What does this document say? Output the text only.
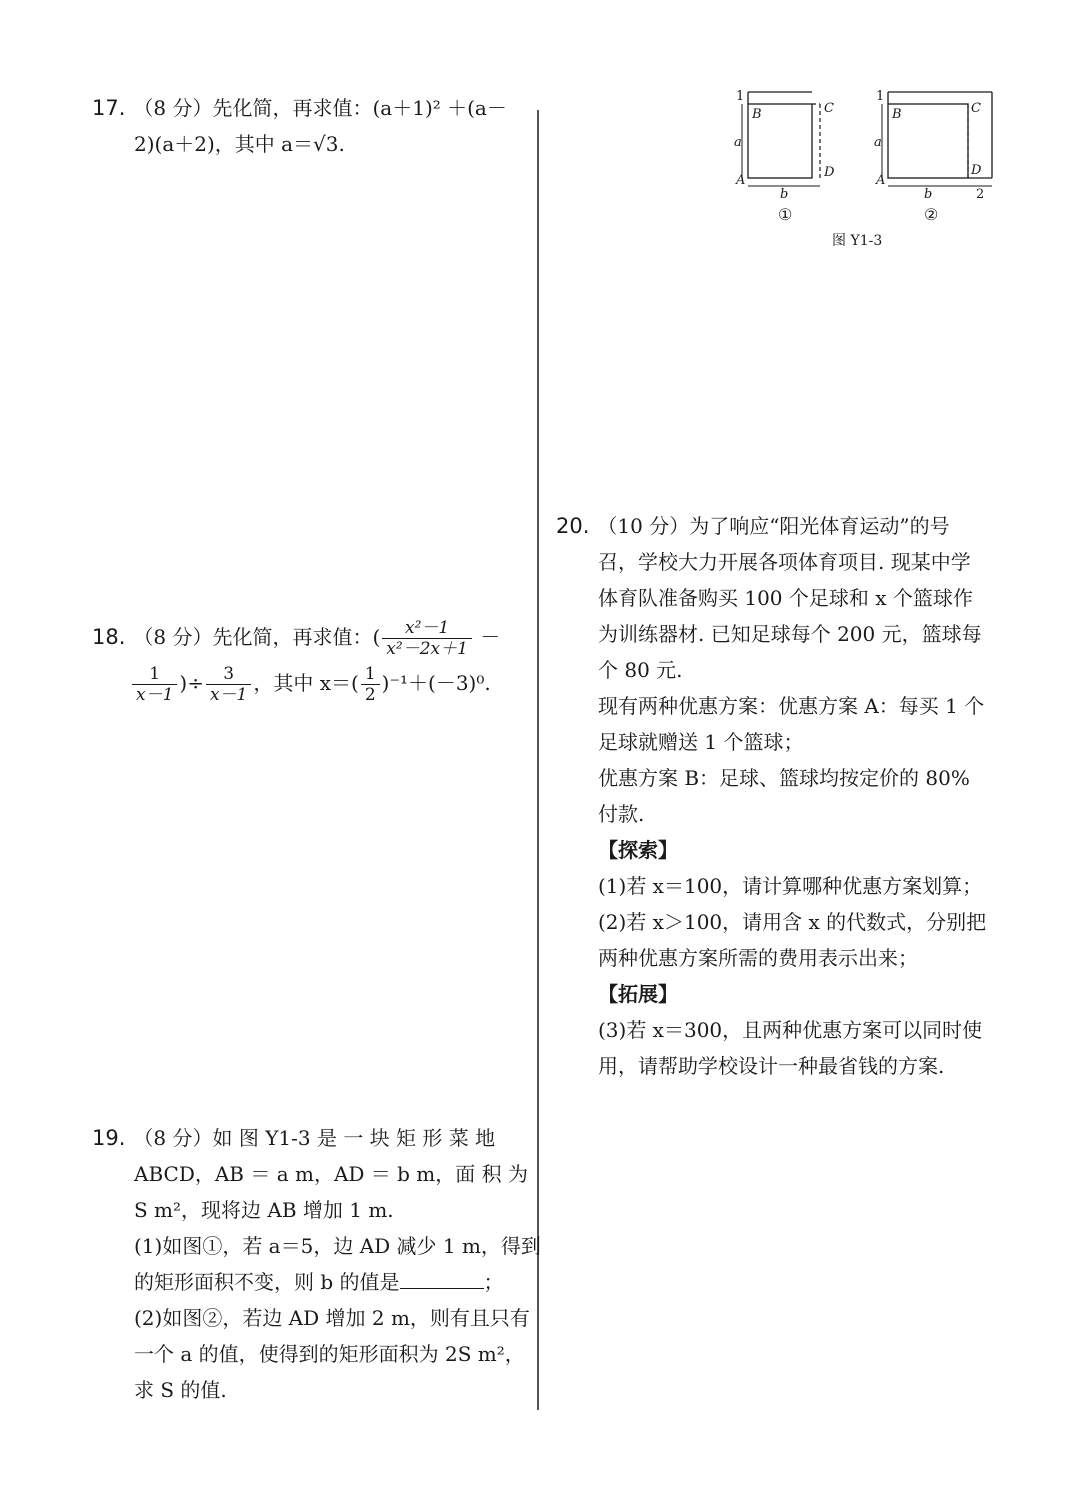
17. （8 分）先化简，再求值：(a＋1)² ＋(a－
2)(a＋2)，其中 a＝√3.
18. （8 分）先化简，再求值：( $\frac{\text{x²－1}}{\text{x²－2x＋1}}$ －
$\frac{1}{x-1}$ )÷ $\frac{3}{x-1}$ ，其中 $x=( \frac{1}{2} )^{-1}+(-3)^0$.
19. （8 分）如 图 Y1-3 是 一 块 矩 形 菜 地
ABCD，AB ＝ a m，AD ＝ b m，面 积 为
S m²，现将边 AB 增加 1 m.
(1)如图①，若 a＝5，边 AD 减少 1 m，得到
的矩形面积不变，则 b 的值是	；
(2)如图②，若边 AD 增加 2 m，则有且只有
一个 a 的值，使得到的矩形面积为 2S m²，
求 S 的值.
1
B	C
D
A
a
b
①
1
B	C
D
A
a
b	2
②
图 Y1-3
20. （10 分）为了响应“阳光体育运动”的号
召，学校大力开展各项体育项目. 现某中学
体育队准备购买 100 个足球和 x 个篮球作
为训练器材. 已知足球每个 200 元，篮球每
个 80 元.
现有两种优惠方案：优惠方案 A：每买 1 个
足球就赠送 1 个篮球；
优惠方案 B：足球、篮球均按定价的 80%
付款.
【探索】
(1)若 x＝100，请计算哪种优惠方案划算；
(2)若 x＞100，请用含 x 的代数式，分别把
两种优惠方案所需的费用表示出来；
【拓展】
(3)若 x＝300，且两种优惠方案可以同时使
用，请帮助学校设计一种最省钱的方案.
